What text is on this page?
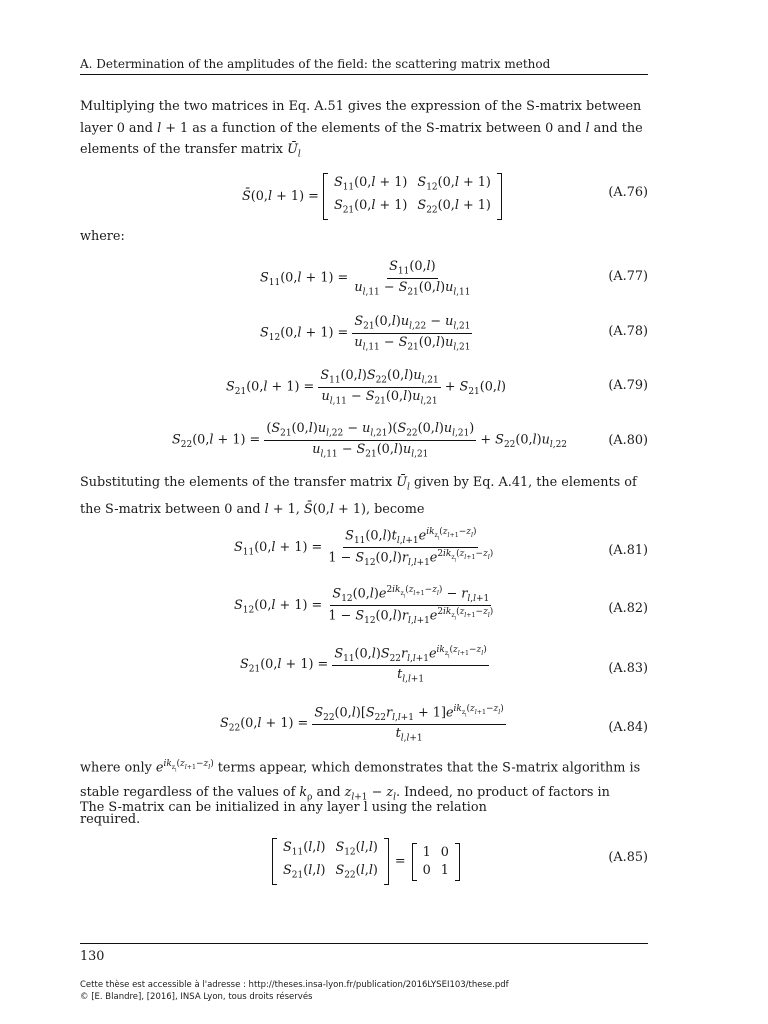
A. Determination of the amplitudes of the field: the scattering matrix method
Multiplying the two matrices in Eq. A.51 gives the expression of the S-matrix between layer 0 and l + 1 as a function of the elements of the S-matrix between 0 and l and the elements of the transfer matrix $Ū_l$
S̄(0,l + 1) =
$S_{11}(0,l + 1)$	$S_{12}(0,l + 1)$
$S_{21}(0,l + 1)$	$S_{22}(0,l + 1)$
(A.76)
where:
$S_{11}(0,l + 1) = \frac{S_{11}(0,l)}{u_{l,11} - S_{21}(0,l)u_{l,11}}$	(A.77)
$S_{12}(0,l + 1) = \frac{S_{21}(0,l)u_{l,22} - u_{l,21}}{u_{l,11} - S_{21}(0,l)u_{l,21}}$	(A.78)
$S_{21}(0,l + 1) = \frac{S_{11}(0,l)S_{22}(0,l)u_{l,21}}{u_{l,11} - S_{21}(0,l)u_{l,21}} + S_{21}(0,l)$	(A.79)
$S_{22}(0,l + 1) = \frac{(S_{21}(0,l)u_{l,22} - u_{l,21})(S_{22}(0,l)u_{l,21})}{u_{l,11} - S_{21}(0,l)u_{l,21}} + S_{22}(0,l)u_{l,22}$	(A.80)
Substituting the elements of the transfer matrix $Ū_l$ given by Eq. A.41, the elements of the S-matrix between 0 and l + 1, S̄(0,l + 1), become
$S_{11}(0,l + 1)$ =
$S_{11}(0,l)t_{l,l+1}e^{ik_{z_l}(z_{l+1}-z_l)}$
$1 - S_{12}(0,l)r_{l,l+1}e^{2ik_{z_l}(z_{l+1}-z_l)}$	(A.81)
$S_{12}(0,l + 1)$ =
$S_{12}(0,l)e^{2ik_{z_l}(z_{l+1}-z_l)} - r_{l,l+1}$
$1 - S_{12}(0,l)r_{l,l+1}e^{2ik_{z_l}(z_{l+1}-z_l)}$	(A.82)
$S_{21}(0,l + 1)$ =
$S_{11}(0,l)S_{22}r_{l,l+1}e^{ik_{z_l}(z_{l+1}-z_l)}$
$t_{l,l+1}$
(A.83)
$S_{22}(0,l + 1)$ =
$S_{22}(0,l)[S_{22}r_{l,l+1} + 1]e^{ik_{z_l}(z_{l+1}-z_l)}$
$t_{l,l+1}$
(A.84)
where only $e^{ik_{z_l}(z_{l+1}-z_l)}$ terms appear, which demonstrates that the S-matrix algorithm is stable regardless of the values of $k_\rho$ and $z_{l+1} - z_l$. Indeed, no product of factors in required.
The S-matrix can be initialized in any layer l using the relation
$S_{11}(l,l)$	$S_{12}(l,l)$
$S_{21}(l,l)$	$S_{22}(l,l)$
=
1	0
0	1
(A.85)
130
Cette thèse est accessible à l'adresse : http://theses.insa-lyon.fr/publication/2016LYSEI103/these.pdf
© [E. Blandre], [2016], INSA Lyon, tous droits réservés
